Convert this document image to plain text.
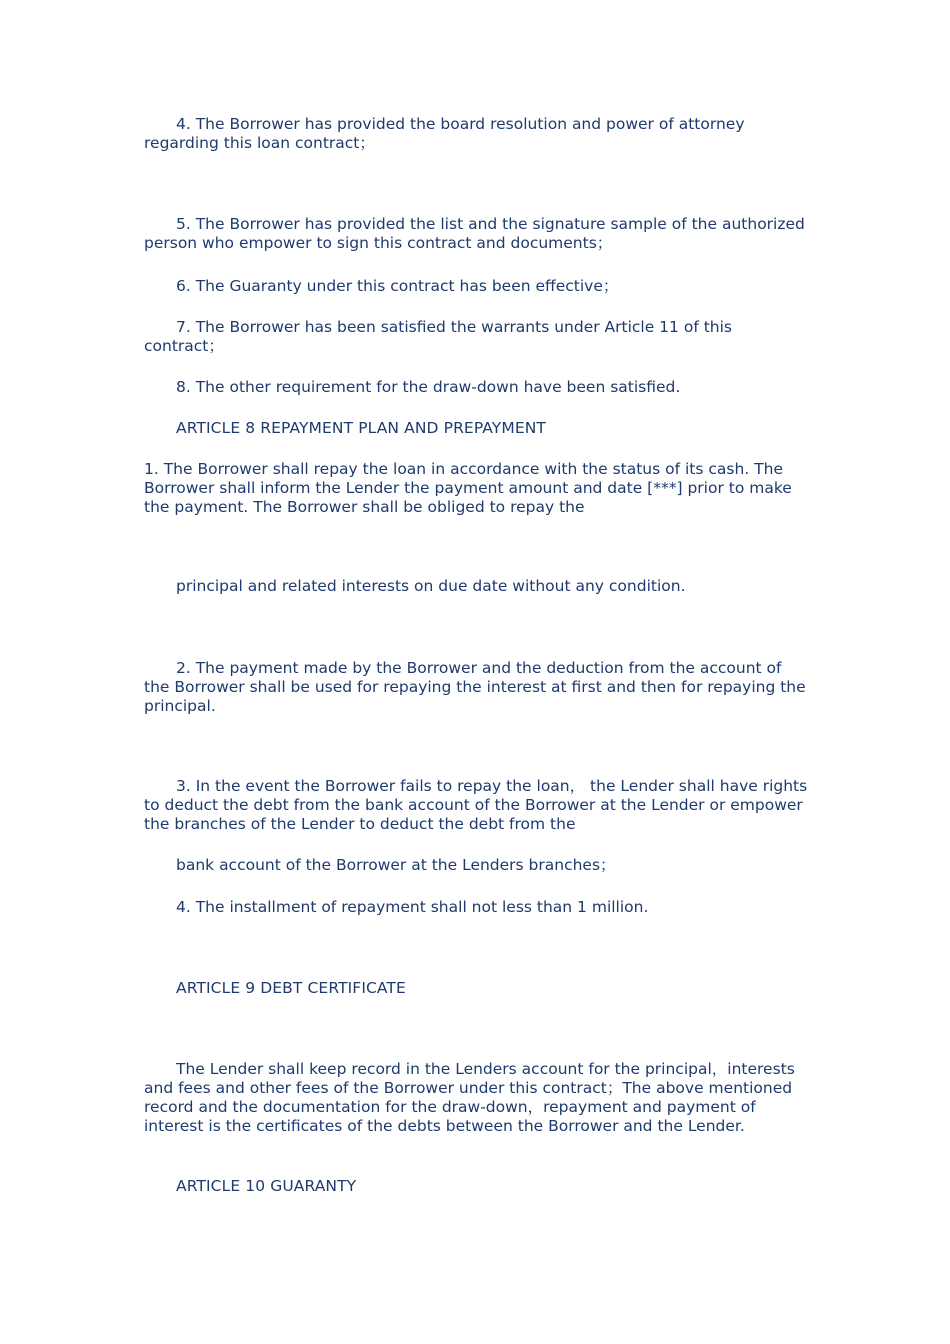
4. The Borrower has provided the board resolution and power of attorney regarding this loan contract；

5. The Borrower has provided the list and the signature sample of the authorized person who empower to sign this contract and documents；

6. The Guaranty under this contract has been effective；

7. The Borrower has been satisfied the warrants under Article 11 of this contract；

8. The other requirement for the draw-down have been satisfied.

ARTICLE 8 REPAYMENT PLAN AND PREPAYMENT

1. The Borrower shall repay the loan in accordance with the status of its cash. The Borrower shall inform the Lender the payment amount and date [***] prior to make the payment. The Borrower shall be obliged to repay the

principal and related interests on due date without any condition.

2. The payment made by the Borrower and the deduction from the account of the Borrower shall be used for repaying the interest at first and then for repaying the principal.

3. In the event the Borrower fails to repay the loan， the Lender shall have rights to deduct the debt from the bank account of the Borrower at the Lender or empower the branches of the Lender to deduct the debt from the

bank account of the Borrower at the Lenders branches；

4. The installment of repayment shall not less than 1 million.

ARTICLE 9 DEBT CERTIFICATE

The Lender shall keep record in the Lenders account for the principal，interests and fees and other fees of the Borrower under this contract；The above mentioned record and the documentation for the draw-down，repayment and payment of interest is the certificates of the debts between the Borrower and the Lender.

ARTICLE 10 GUARANTY
